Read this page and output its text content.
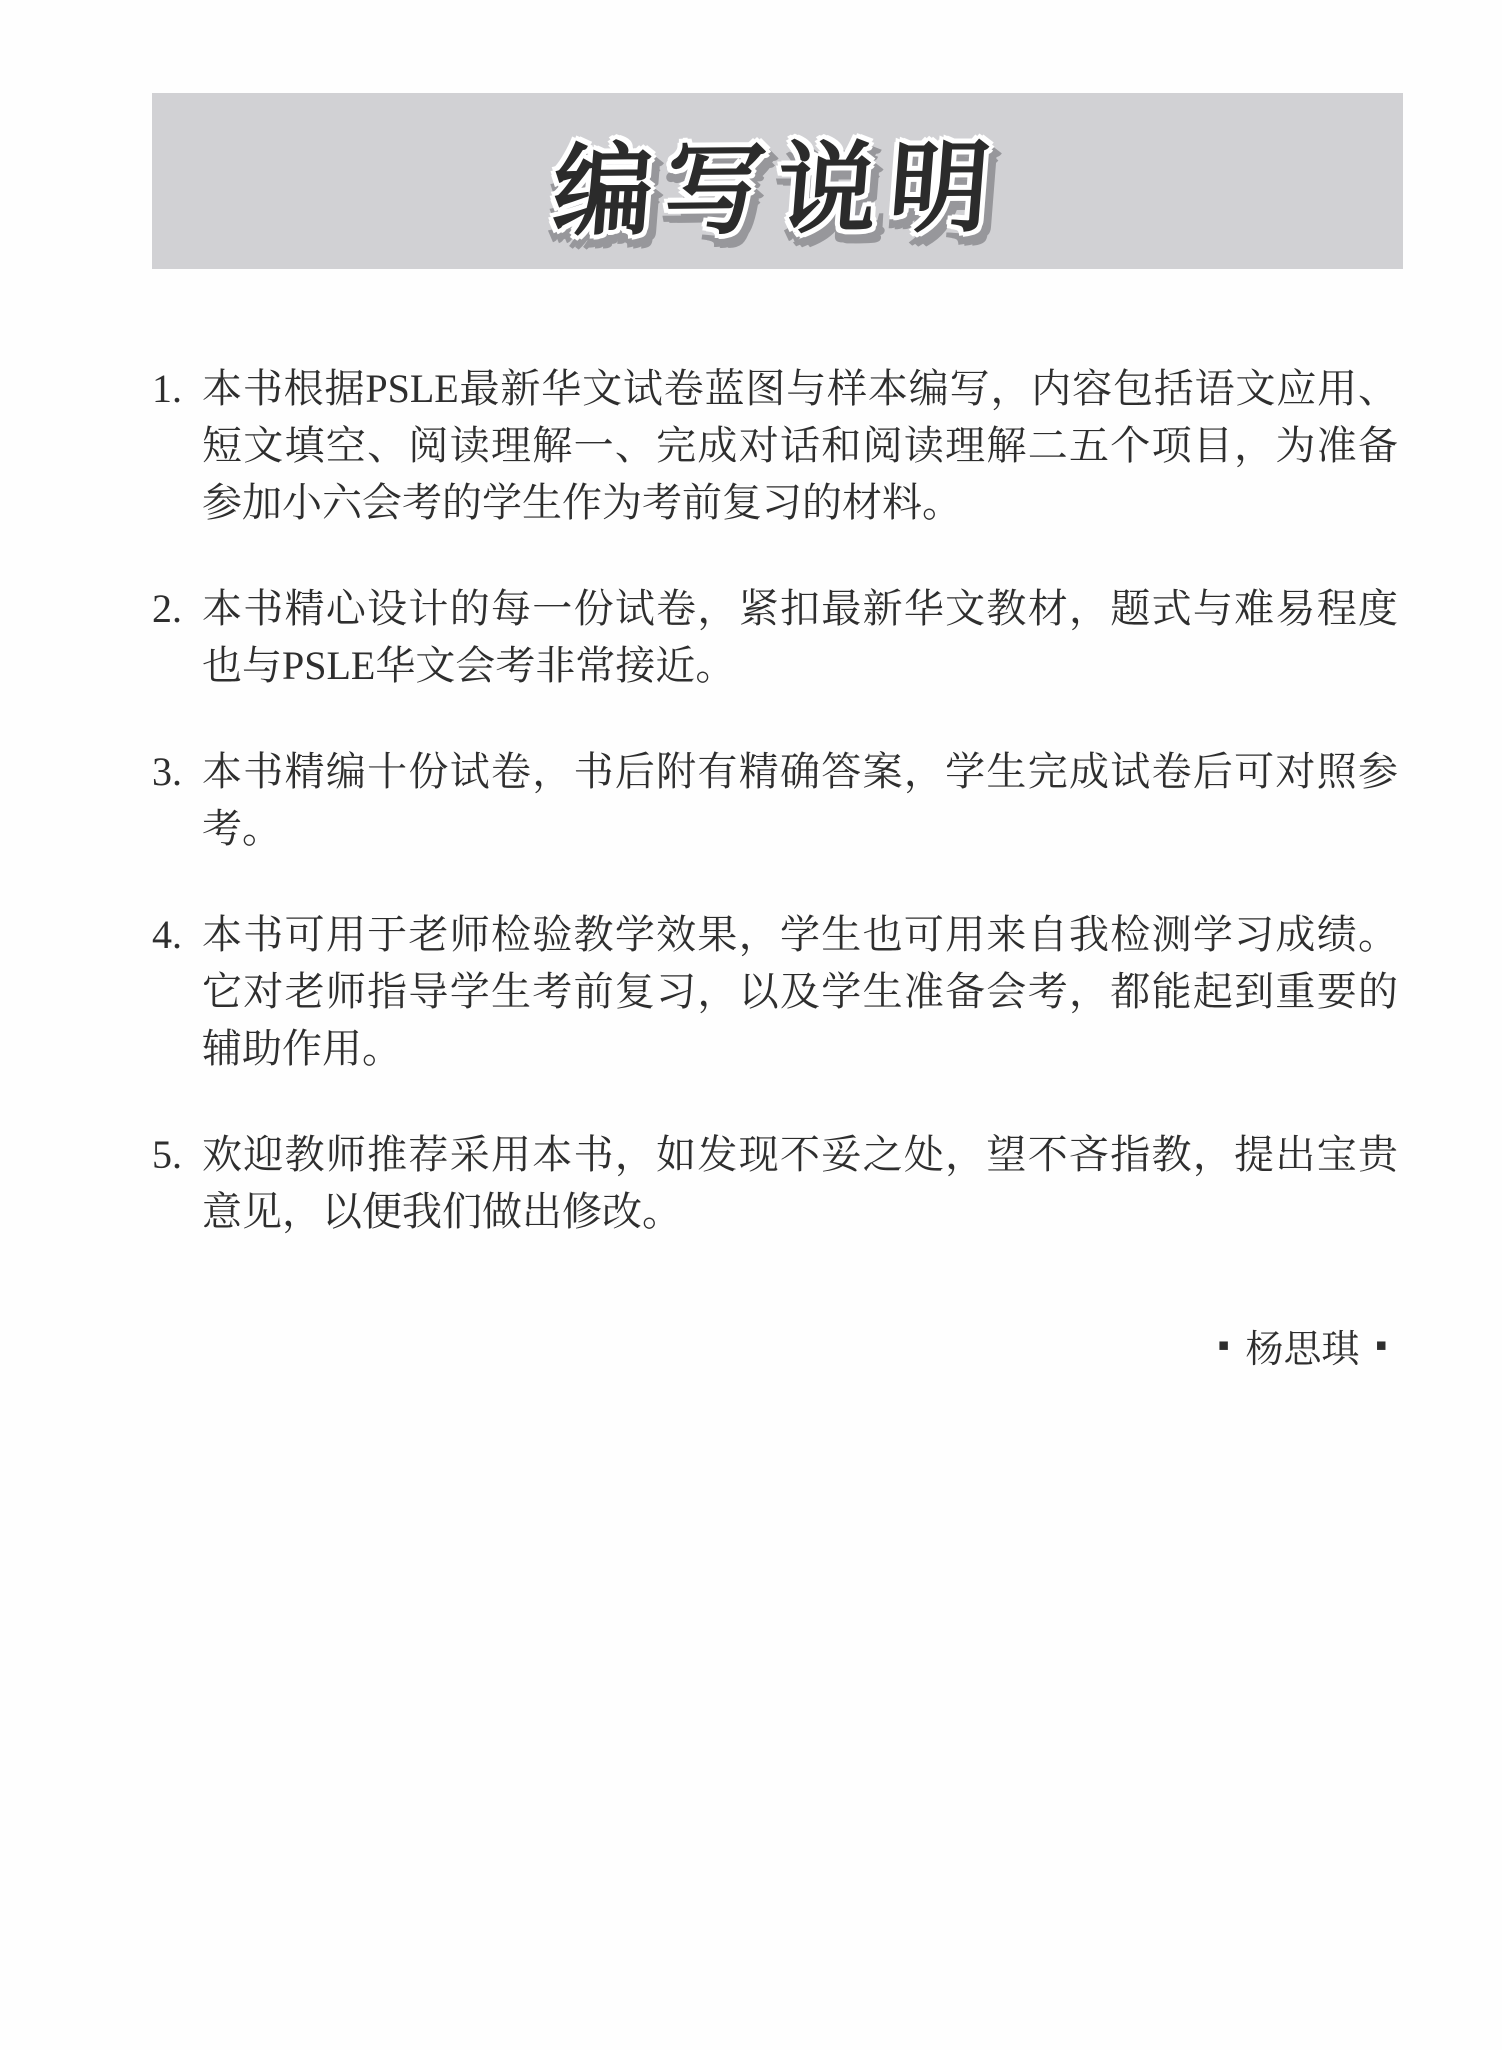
编写说明
1. 本书根据PSLE最新华文试卷蓝图与样本编写，内容包括语文应用、短文填空、阅读理解一、完成对话和阅读理解二五个项目，为准备参加小六会考的学生作为考前复习的材料。
2. 本书精心设计的每一份试卷，紧扣最新华文教材，题式与难易程度也与PSLE华文会考非常接近。
3. 本书精编十份试卷，书后附有精确答案，学生完成试卷后可对照参考。
4. 本书可用于老师检验教学效果，学生也可用来自我检测学习成绩。它对老师指导学生考前复习，以及学生准备会考，都能起到重要的辅助作用。
5. 欢迎教师推荐采用本书，如发现不妥之处，望不吝指教，提出宝贵意见，以便我们做出修改。
▪ 杨思琪 ▪
